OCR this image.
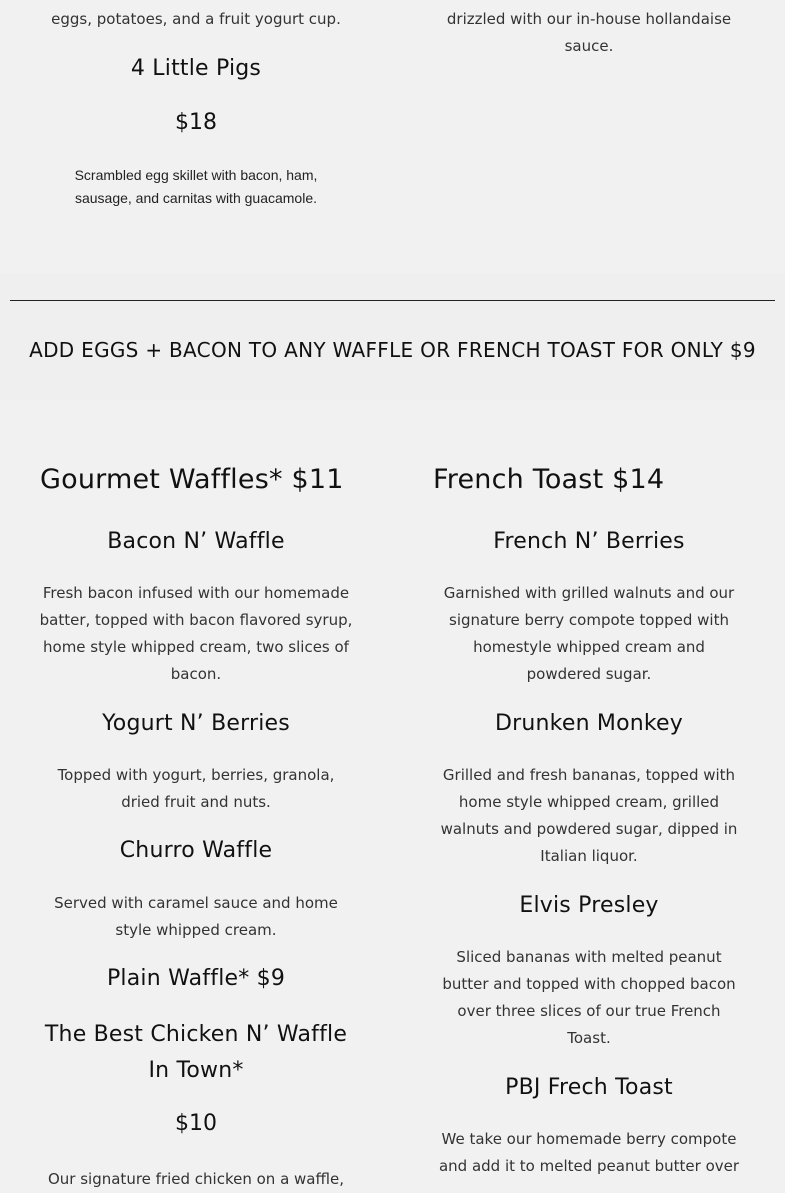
eggs, potatoes, and a fruit yogurt cup.
4 Little Pigs
$18
Scrambled egg skillet with bacon, ham, sausage, and carnitas with guacamole.
drizzled with our in-house hollandaise
sauce.
ADD EGGS + BACON TO ANY WAFFLE OR FRENCH TOAST FOR ONLY $9
Gourmet Waffles* $11
Bacon N’ Waffle
Fresh bacon infused with our homemade batter, topped with bacon flavored syrup, home style whipped cream, two slices of bacon.
Yogurt N’ Berries
Topped with yogurt, berries, granola, dried fruit and nuts.
Churro Waffle
Served with caramel sauce and home style whipped cream.
Plain Waffle* $9
The Best Chicken N’ Waffle In Town*
$10
Our signature fried chicken on a waffle,
French Toast $14
French N’ Berries
Garnished with grilled walnuts and our signature berry compote topped with homestyle whipped cream and powdered sugar.
Drunken Monkey
Grilled and fresh bananas, topped with home style whipped cream, grilled walnuts and powdered sugar, dipped in Italian liquor.
Elvis Presley
Sliced bananas with melted peanut butter and topped with chopped bacon over three slices of our true French Toast.
PBJ Frech Toast
We take our homemade berry compote and add it to melted peanut butter over
